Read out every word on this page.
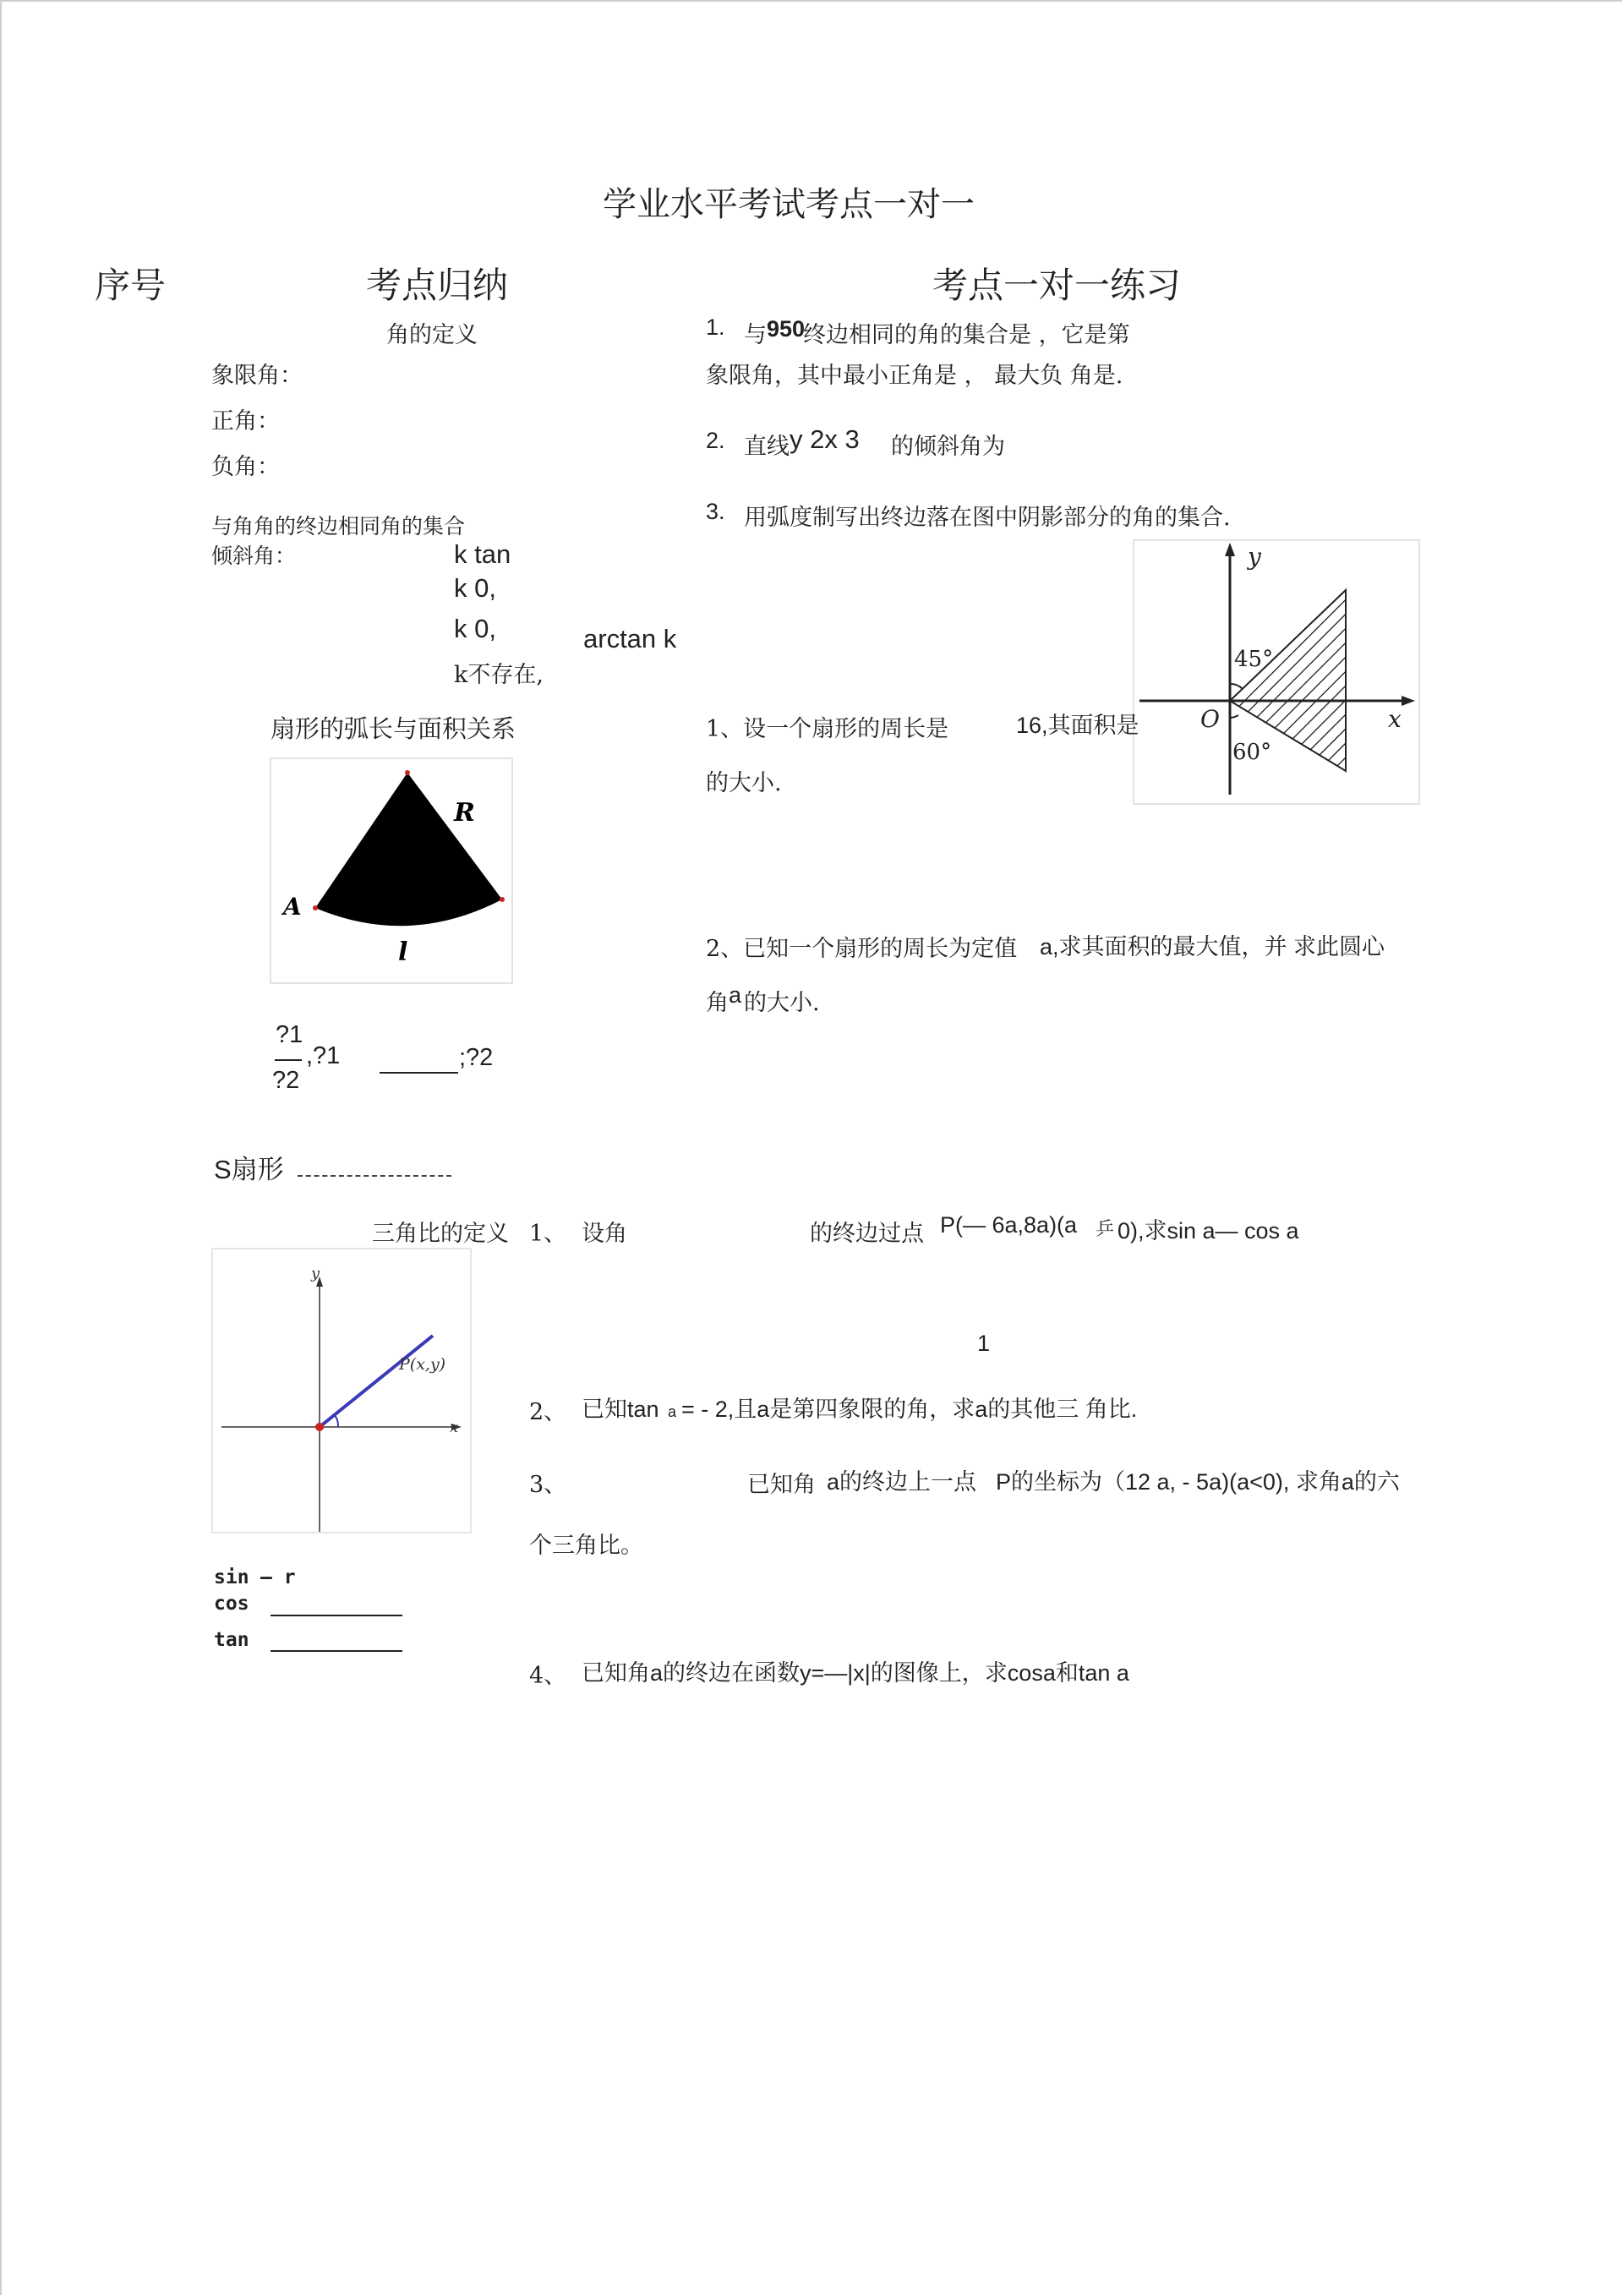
学业水平考试考点一对一
序号	考点归纳	考点一对一练习
角的定义
象限角：
正角：
负角：
与角角的终边相同角的集合
倾斜角：	k tan
k 0,
k 0,	arctan k
k不存在,
扇形的弧长与面积关系
R
A
l
?1
?2
,?1	;?2
S扇形
三角比的定义
y
x
P(x,y)
sin — r
cos
tan
1. 与 950
终边相同的角的集合是 ，它是第
象限角，其中最小正角是 ， 最大负 角是.
2. 直线 y 2x 3 的倾斜角为
3. 用弧度制写出终边落在图中阴影部分的角的集合.
y
x
O
45°
60°
1、设一个扇形的周长是	16,其面积是
的大小.
2、已知一个扇形的周长为定值 a,求其面积的最大值，并 求此圆心
角 a 的大小.
1、 设角	的终边过点 P(— 6a,8a)(a 乒 0),求sin a— cos a
1
2、 已知tan a = - 2,且a是第四象限的角，求a的其他三 角比.
3、	已知角 a的终边上一点 P的坐标为（12 a, - 5a)(a<0), 求角a的六
个三角比。
4、 已知角a的终边在函数y=—|x|的图像上，求cosa和tan a
